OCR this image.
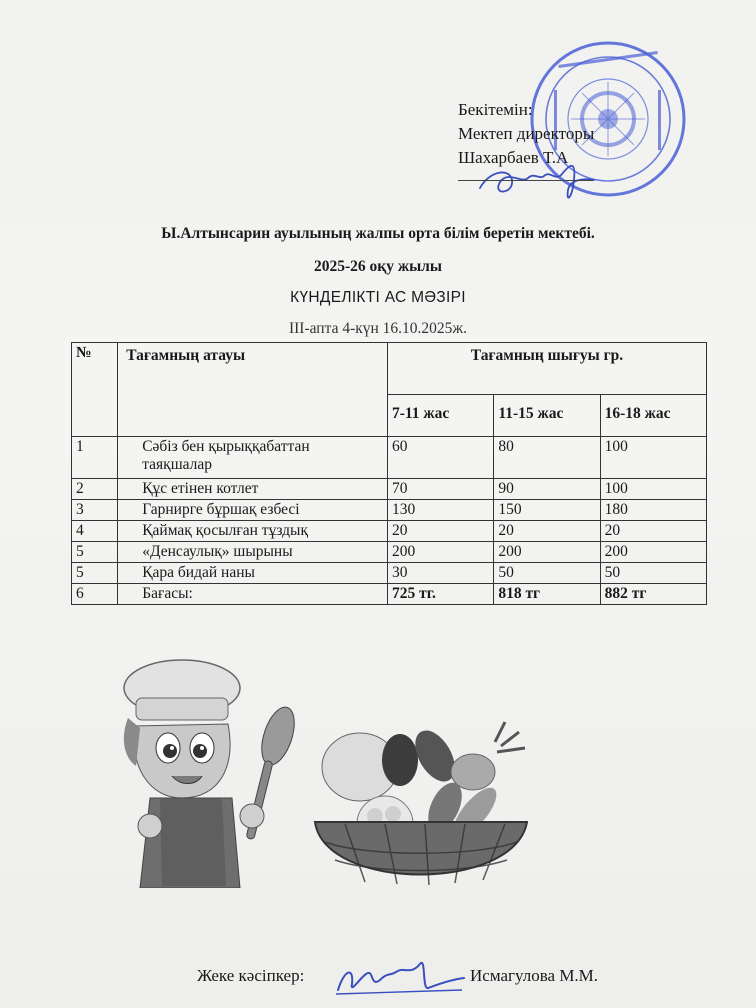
Бекітемін:
Мектеп директоры
Шахарбаев Т.А
Ы.Алтынсарин ауылының жалпы орта білім беретін мектебі.
2025-26 оқу жылы
КҮНДЕЛІКТІ АС МӘЗІРІ
ІІІ-апта 4-күн 16.10.2025ж.
№	Тағамның атауы	Тағамның шығуы гр.		
		7-11 жас	11-15 жас	16-18 жас
1	Сәбіз бен қырыққабаттан таяқшалар	60	80	100
2	Құс етінен котлет	70	90	100
3	Гарнирге бұршақ езбесі	130	150	180
4	Қаймақ қосылған тұздық	20	20	20
5	«Денсаулық» шырыны	200	200	200
5	Қара бидай наны	30	50	50
6	Бағасы:	725 тг.	818 тг	882 тг
Жеке кәсіпкер:	Исмагулова М.М.
